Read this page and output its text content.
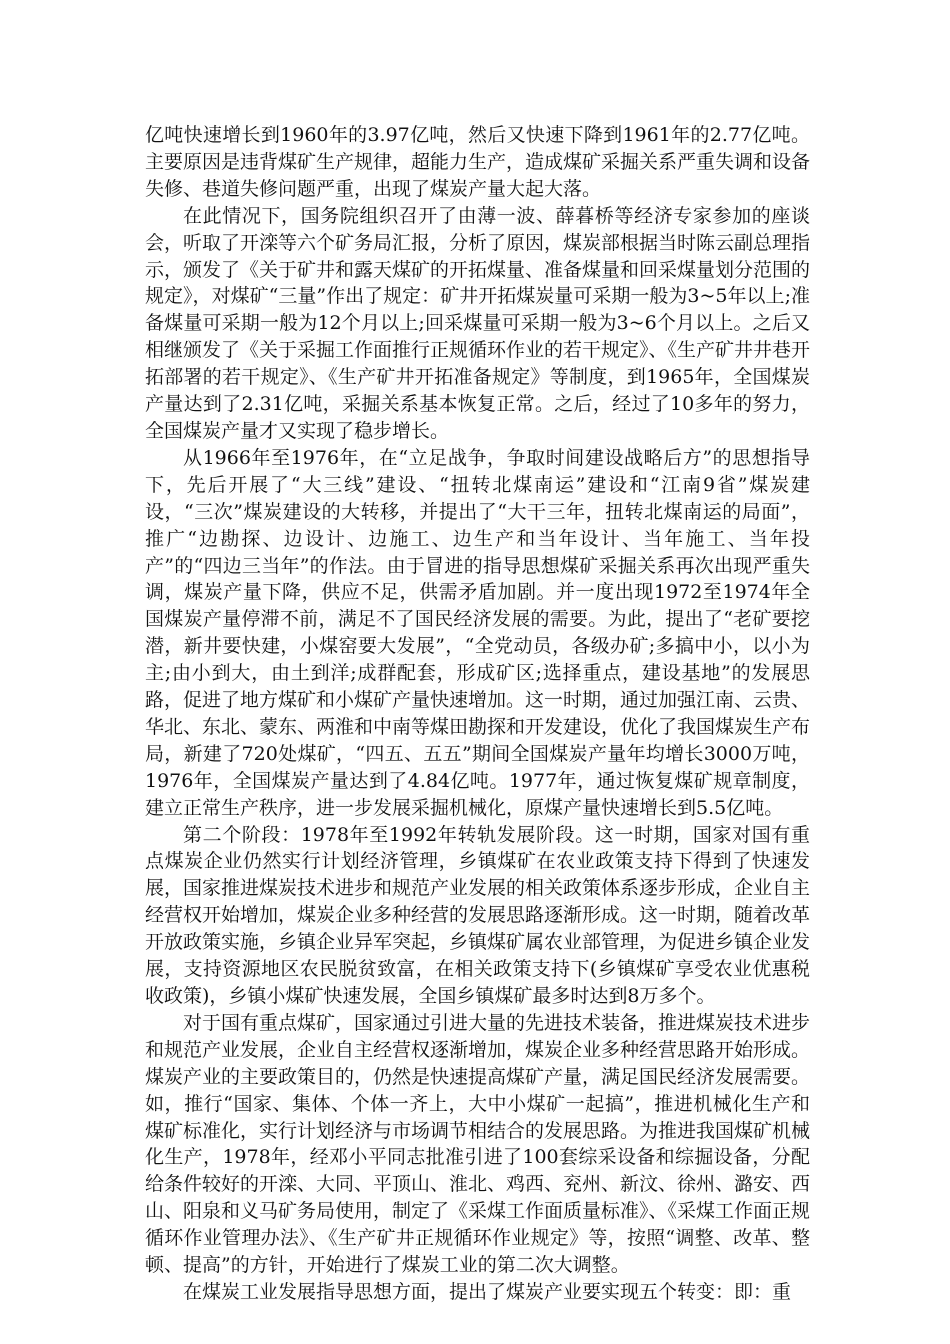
亿吨快速增长到1960年的3.97亿吨，然后又快速下降到1961年的2.77亿吨。主要原因是违背煤矿生产规律，超能力生产，造成煤矿采掘关系严重失调和设备失修、巷道失修问题严重，出现了煤炭产量大起大落。

在此情况下，国务院组织召开了由薄一波、薛暮桥等经济专家参加的座谈会，听取了开滦等六个矿务局汇报，分析了原因，煤炭部根据当时陈云副总理指示，颁发了《关于矿井和露天煤矿的开拓煤量、准备煤量和回采煤量划分范围的规定》，对煤矿“三量”作出了规定：矿井开拓煤炭量可采期一般为3~5年以上;准备煤量可采期一般为12个月以上;回采煤量可采期一般为3~6个月以上。之后又相继颁发了《关于采掘工作面推行正规循环作业的若干规定》、《生产矿井井巷开拓部署的若干规定》、《生产矿井开拓准备规定》等制度，到1965年，全国煤炭产量达到了2.31亿吨，采掘关系基本恢复正常。之后，经过了10多年的努力，全国煤炭产量才又实现了稳步增长。

从1966年至1976年，在“立足战争，争取时间建设战略后方”的思想指导下，先后开展了“大三线”建设、“扭转北煤南运”建设和“江南9省”煤炭建设，“三次”煤炭建设的大转移，并提出了“大干三年，扭转北煤南运的局面”，推广“边勘探、边设计、边施工、边生产和当年设计、当年施工、当年投产”的“四边三当年”的作法。由于冒进的指导思想煤矿采掘关系再次出现严重失调，煤炭产量下降，供应不足，供需矛盾加剧。并一度出现1972至1974年全国煤炭产量停滞不前，满足不了国民经济发展的需要。为此，提出了“老矿要挖潜，新井要快建，小煤窑要大发展”，“全党动员，各级办矿;多搞中小，以小为主;由小到大，由土到洋;成群配套，形成矿区;选择重点，建设基地”的发展思路，促进了地方煤矿和小煤矿产量快速增加。这一时期，通过加强江南、云贵、华北、东北、蒙东、两淮和中南等煤田勘探和开发建设，优化了我国煤炭生产布局，新建了720处煤矿，“四五、五五”期间全国煤炭产量年均增长3000万吨，1976年，全国煤炭产量达到了4.84亿吨。1977年，通过恢复煤矿规章制度，建立正常生产秩序，进一步发展采掘机械化，原煤产量快速增长到5.5亿吨。

第二个阶段：1978年至1992年转轨发展阶段。这一时期，国家对国有重点煤炭企业仍然实行计划经济管理，乡镇煤矿在农业政策支持下得到了快速发展，国家推进煤炭技术进步和规范产业发展的相关政策体系逐步形成，企业自主经营权开始增加，煤炭企业多种经营的发展思路逐渐形成。这一时期，随着改革开放政策实施，乡镇企业异军突起，乡镇煤矿属农业部管理，为促进乡镇企业发展，支持资源地区农民脱贫致富，在相关政策支持下(乡镇煤矿享受农业优惠税收政策)，乡镇小煤矿快速发展，全国乡镇煤矿最多时达到8万多个。

对于国有重点煤矿，国家通过引进大量的先进技术装备，推进煤炭技术进步和规范产业发展，企业自主经营权逐渐增加，煤炭企业多种经营思路开始形成。煤炭产业的主要政策目的，仍然是快速提高煤矿产量，满足国民经济发展需要。如，推行“国家、集体、个体一齐上，大中小煤矿一起搞”，推进机械化生产和煤矿标准化，实行计划经济与市场调节相结合的发展思路。为推进我国煤矿机械化生产，1978年，经邓小平同志批准引进了100套综采设备和综掘设备，分配给条件较好的开滦、大同、平顶山、淮北、鸡西、兖州、新汶、徐州、潞安、西山、阳泉和义马矿务局使用，制定了《采煤工作面质量标准》、《采煤工作面正规循环作业管理办法》、《生产矿井正规循环作业规定》等，按照“调整、改革、整顿、提高”的方针，开始进行了煤炭工业的第二次大调整。

在煤炭工业发展指导思想方面，提出了煤炭产业要实现五个转变：即：重
